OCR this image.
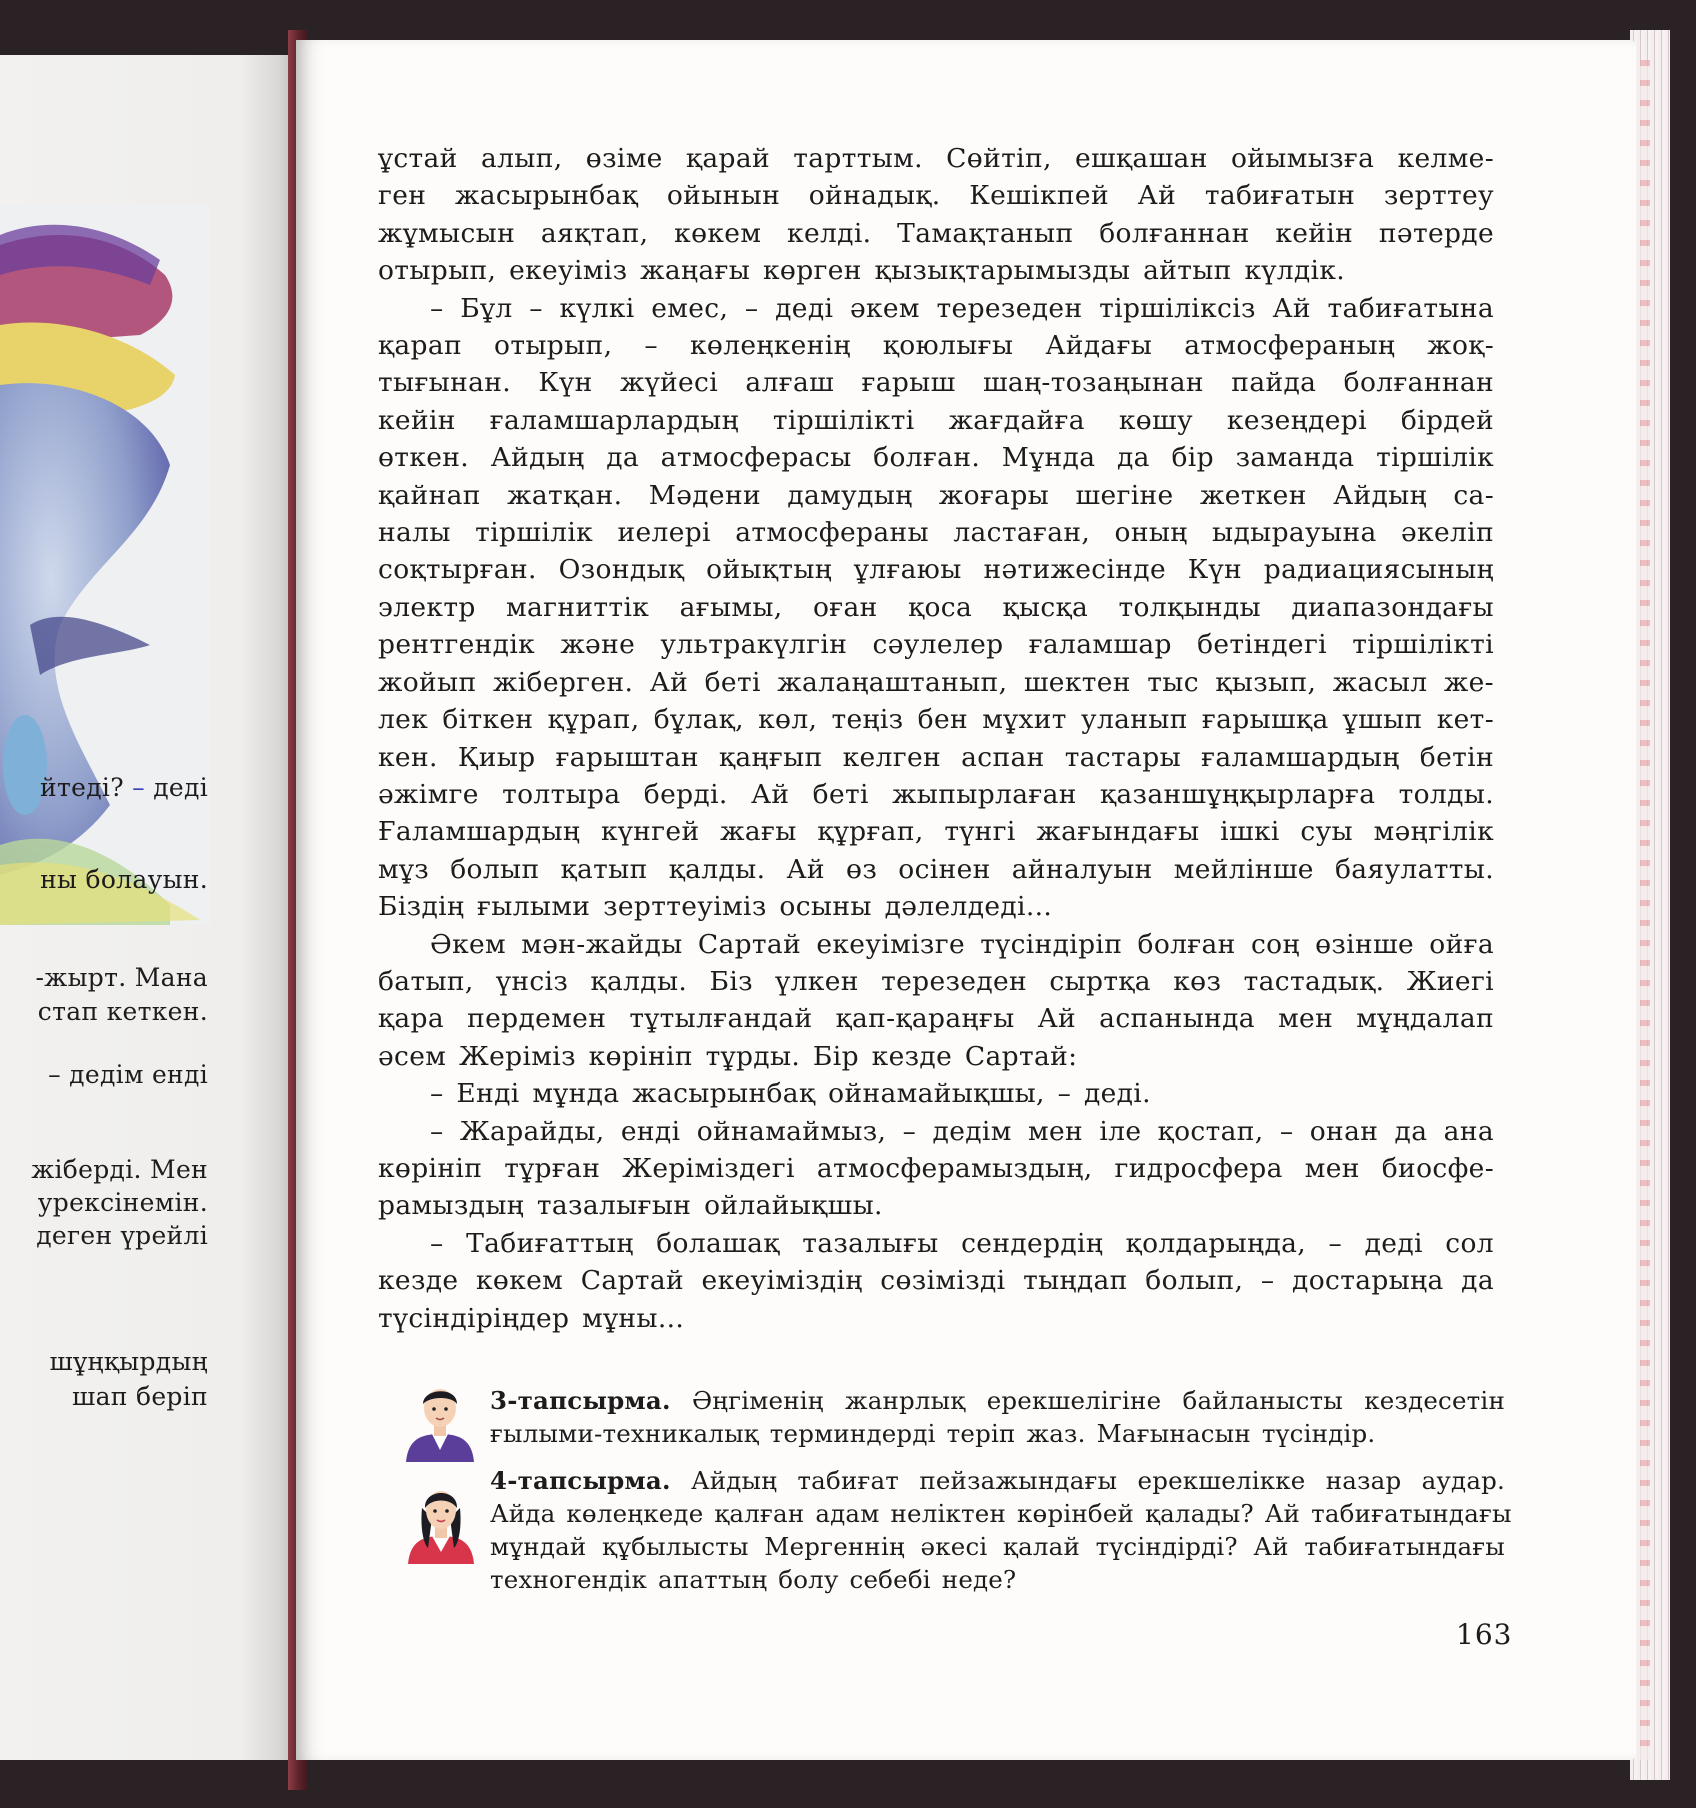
йтеді? – деді
ны болауын.
-жырт. Мана
стап кеткен.
– дедім енді
жіберді. Мен
урексінемін.
деген үрейлі
шұңқырдың
шап беріп
ұстай алып, өзіме қарай тарттым. Сөйтіп, ешқашан ойымызға келме-
ген жасырынбақ ойынын ойнадық. Кешікпей Ай табиғатын зерттеу
жұмысын аяқтап, көкем келді. Тамақтанып болғаннан кейін пәтерде
отырып, екеуіміз жаңағы көрген қызықтарымызды айтып күлдік.
– Бұл – күлкі емес, – деді әкем терезеден тіршіліксіз Ай табиғатына
қарап отырып, – көлеңкенің қоюлығы Айдағы атмосфераның жоқ-
тығынан. Күн жүйесі алғаш ғарыш шаң-тозаңынан пайда болғаннан
кейін ғаламшарлардың тіршілікті жағдайға көшу кезеңдері бірдей
өткен. Айдың да атмосферасы болған. Мұнда да бір заманда тіршілік
қайнап жатқан. Мәдени дамудың жоғары шегіне жеткен Айдың са-
налы тіршілік иелері атмосфераны ластаған, оның ыдырауына әкеліп
соқтырған. Озондық ойықтың ұлғаюы нәтижесінде Күн радиациясының
электр магниттік ағымы, оған қоса қысқа толқынды диапазондағы
рентгендік және ультракүлгін сәулелер ғаламшар бетіндегі тіршілікті
жойып жіберген. Ай беті жалаңаштанып, шектен тыс қызып, жасыл же-
лек біткен құрап, бұлақ, көл, теңіз бен мұхит уланып ғарышқа ұшып кет-
кен. Қиыр ғарыштан қаңғып келген аспан тастары ғаламшардың бетін
әжімге толтыра берді. Ай беті жыпырлаған қазаншұңқырларға толды.
Ғаламшардың күнгей жағы құрғап, түнгі жағындағы ішкі суы мәңгілік
мұз болып қатып қалды. Ай өз осінен айналуын мейлінше баяулатты.
Біздің ғылыми зерттеуіміз осыны дәлелдеді...
Әкем мән-жайды Сартай екеуімізге түсіндіріп болған соң өзінше ойға
батып, үнсіз қалды. Біз үлкен терезеден сыртқа көз тастадық. Жиегі
қара пердемен тұтылғандай қап-қараңғы Ай аспанында мен мұңдалап
әсем Жеріміз көрініп тұрды. Бір кезде Сартай:
– Енді мұнда жасырынбақ ойнамайықшы, – деді.
– Жарайды, енді ойнамаймыз, – дедім мен іле қостап, – онан да ана
көрініп тұрған Жеріміздегі атмосферамыздың, гидросфера мен биосфе-
рамыздың тазалығын ойлайықшы.
– Табиғаттың болашақ тазалығы сендердің қолдарыңда, – деді сол
кезде көкем Сартай екеуіміздің сөзімізді тыңдап болып, – достарыңа да
түсіндіріңдер мұны...
3-тапсырма. Әңгіменің жанрлық ерекшелігіне байланысты кездесетін
ғылыми-техникалық терминдерді теріп жаз. Мағынасын түсіндір.
4-тапсырма. Айдың табиғат пейзажындағы ерекшелікке назар аудар.
Айда көлеңкеде қалған адам неліктен көрінбей қалады? Ай табиғатындағы
мұндай құбылысты Мергеннің әкесі қалай түсіндірді? Ай табиғатындағы
техногендік апаттың болу себебі неде?
163
